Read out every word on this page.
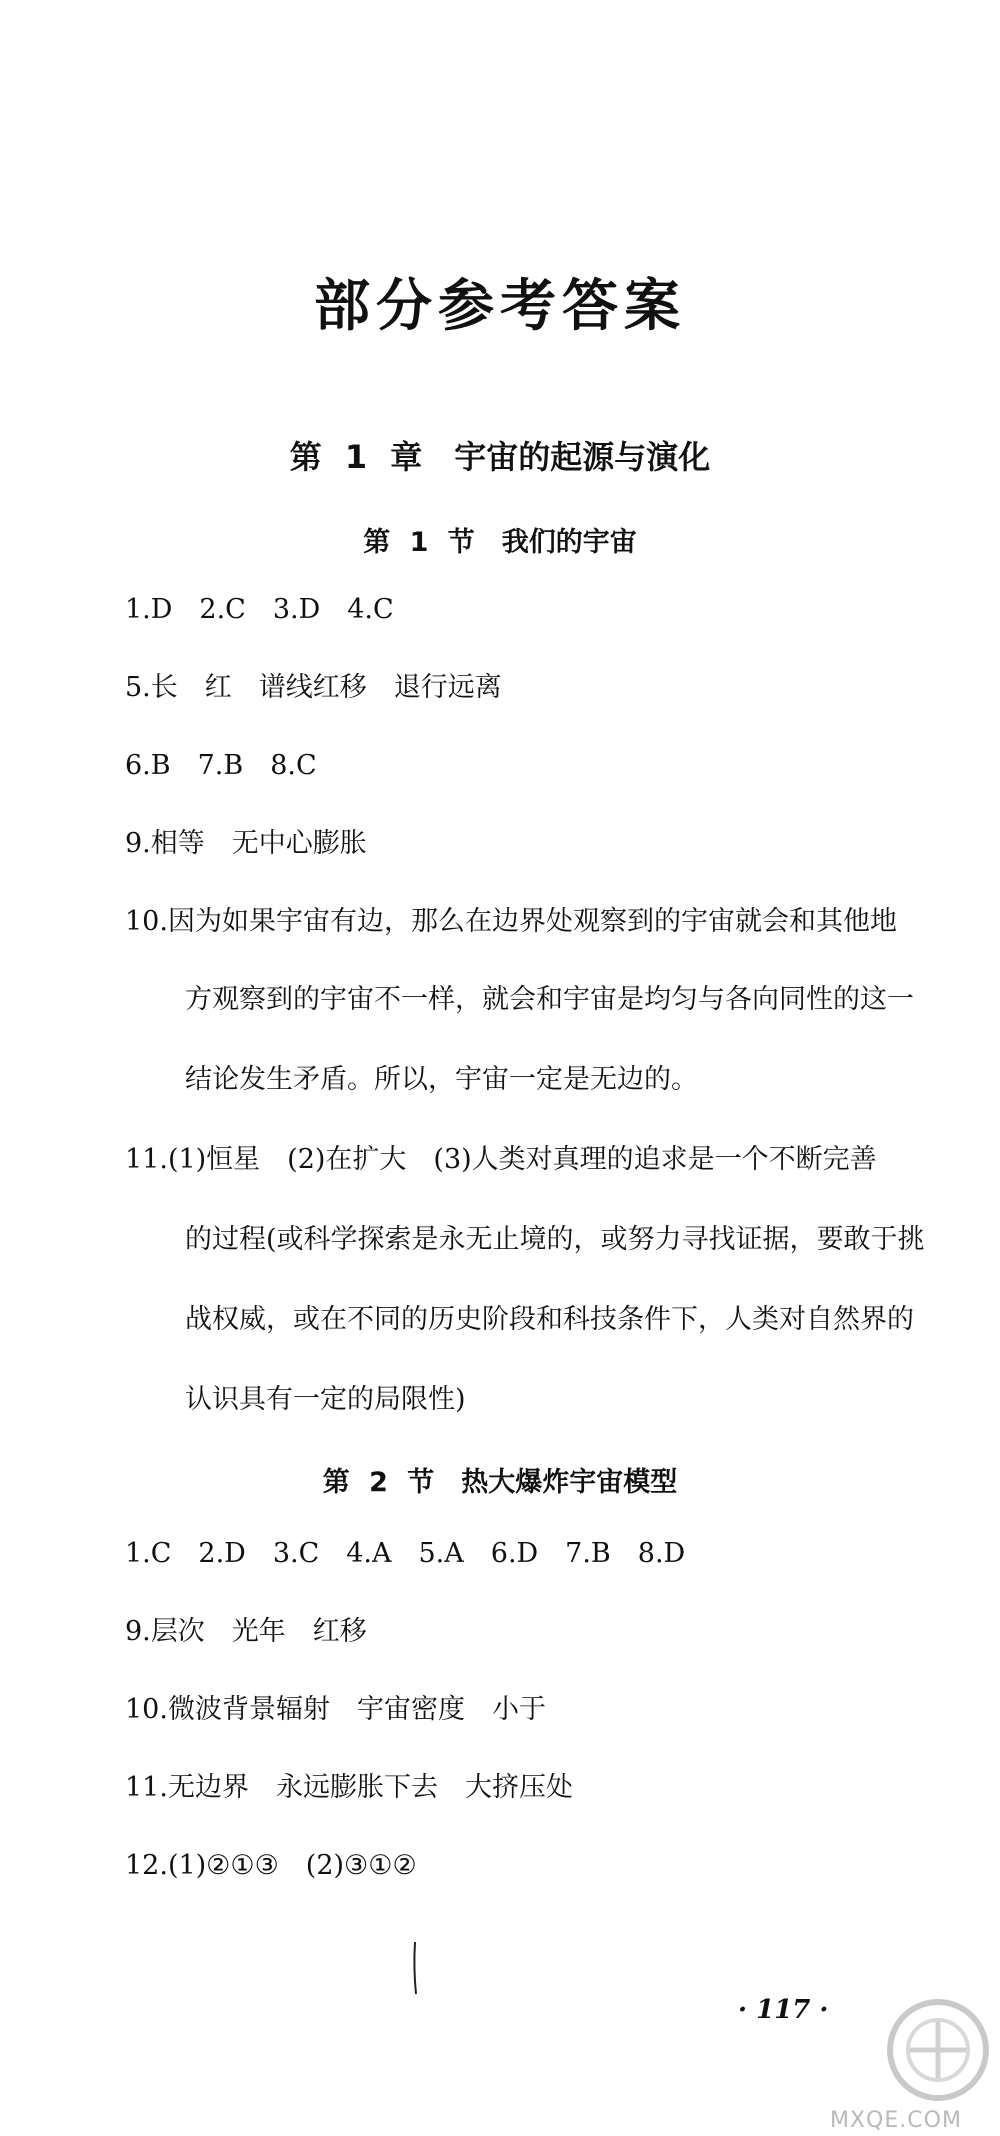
部分参考答案
第 1 章　宇宙的起源与演化
第 1 节　我们的宇宙
1.D　2.C　3.D　4.C
5.长　红　谱线红移　退行远离
6.B　7.B　8.C
9.相等　无中心膨胀
10.因为如果宇宙有边，那么在边界处观察到的宇宙就会和其他地
方观察到的宇宙不一样，就会和宇宙是均匀与各向同性的这一
结论发生矛盾。所以，宇宙一定是无边的。
11.(1)恒星　(2)在扩大　(3)人类对真理的追求是一个不断完善
的过程(或科学探索是永无止境的，或努力寻找证据，要敢于挑
战权威，或在不同的历史阶段和科技条件下，人类对自然界的
认识具有一定的局限性)
第 2 节　热大爆炸宇宙模型
1.C　2.D　3.C　4.A　5.A　6.D　7.B　8.D
9.层次　光年　红移
10.微波背景辐射　宇宙密度　小于
11.无边界　永远膨胀下去　大挤压处
12.(1)②①③　(2)③①②
· 117 ·
MXQE.COM
